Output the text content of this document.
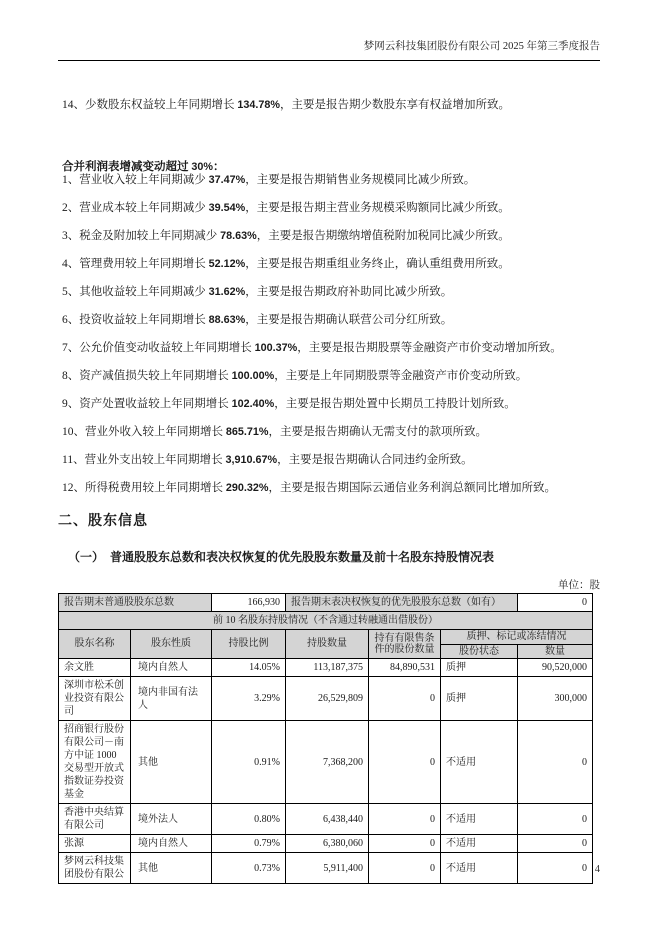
梦网云科技集团股份有限公司 2025 年第三季度报告

14、少数股东权益较上年同期增长 134.78%，主要是报告期少数股东享有权益增加所致。

合并利润表增减变动超过 30%：

1、营业收入较上年同期减少 37.47%，主要是报告期销售业务规模同比减少所致。

2、营业成本较上年同期减少 39.54%，主要是报告期主营业务规模采购额同比减少所致。

3、税金及附加较上年同期减少 78.63%，主要是报告期缴纳增值税附加税同比减少所致。

4、管理费用较上年同期增长 52.12%，主要是报告期重组业务终止，确认重组费用所致。

5、其他收益较上年同期减少 31.62%，主要是报告期政府补助同比减少所致。

6、投资收益较上年同期增长 88.63%，主要是报告期确认联营公司分红所致。

7、公允价值变动收益较上年同期增长 100.37%，主要是报告期股票等金融资产市价变动增加所致。

8、资产减值损失较上年同期增长 100.00%，主要是上年同期股票等金融资产市价变动所致。

9、资产处置收益较上年同期增长 102.40%，主要是报告期处置中长期员工持股计划所致。

10、营业外收入较上年同期增长 865.71%，主要是报告期确认无需支付的款项所致。

11、营业外支出较上年同期增长 3,910.67%，主要是报告期确认合同违约金所致。

12、所得税费用较上年同期增长 290.32%，主要是报告期国际云通信业务利润总额同比增加所致。

二、股东信息
（一）　普通股股东总数和表决权恢复的优先股股东数量及前十名股东持股情况表
单位：股
报告期末普通股股东总数		166,930	报告期末表决权恢复的优先股股东总数（如有）			0
前 10 名股东持股情况（不含通过转融通出借股份）						
股东名称	股东性质	持股比例	持股数量	持有有限售条件的股份数量	质押、标记或冻结情况	
					股份状态	数量
余文胜	境内自然人	14.05%	113,187,375	84,890,531	质押	90,520,000
深圳市松禾创业投资有限公司	境内非国有法人	3.29%	26,529,809	0	质押	300,000
招商银行股份有限公司－南方中证 1000 交易型开放式指数证券投资基金	其他	0.91%	7,368,200	0	不适用	0
香港中央结算有限公司	境外法人	0.80%	6,438,440	0	不适用	0
张源	境内自然人	0.79%	6,380,060	0	不适用	0
梦网云科技集团股份有限公	其他	0.73%	5,911,400	0	不适用	0 4
